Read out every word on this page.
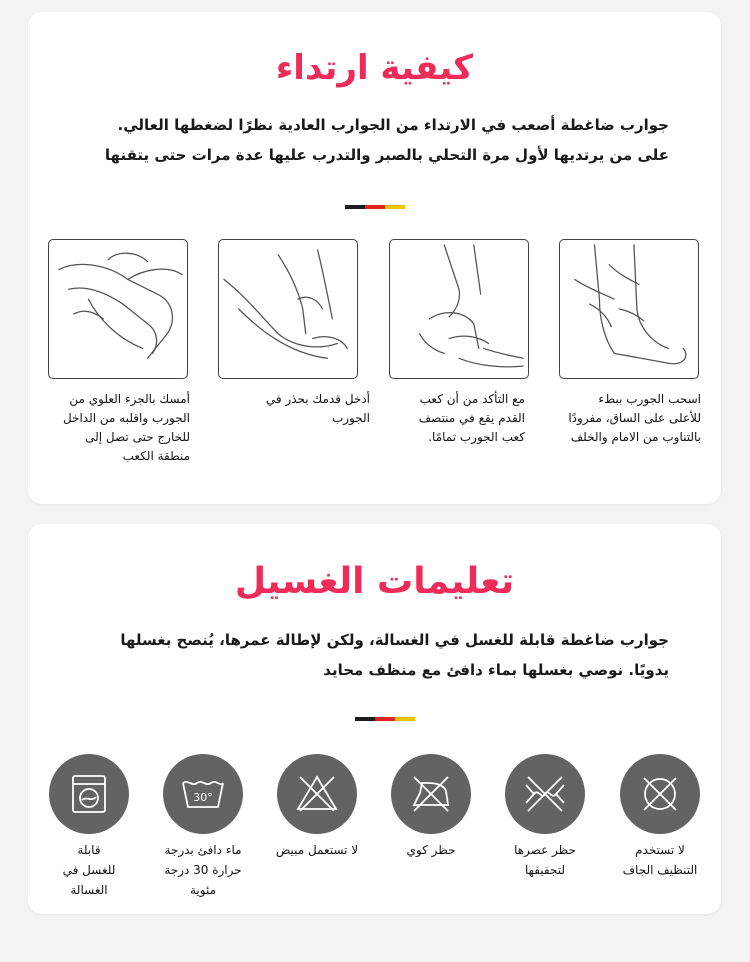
كيفية ارتداء
جوارب ضاغطة أصعب في الارتداء من الجوارب العادية نظرًا لضغطها العالي.
على من يرتديها لأول مرة التحلي بالصبر والتدرب عليها عدة مرات حتى يتقنها
أمسك بالجزء العلوي من
الجورب واقلبه من الداخل
للخارج حتى تصل إلى
منطقة الكعب
أدخل قدمك بحذر في
الجورب
مع التأكد من أن كعب
القدم يقع في منتصف
كعب الجورب تمامًا.
اسحب الجورب ببطء
للأعلى على الساق، مفرودًا
بالتناوب من الامام والخلف
تعليمات الغسيل
جوارب ضاغطة قابلة للغسل في الغسالة، ولكن لإطالة عمرها، يُنصح بغسلها
يدويًا. نوصي بغسلها بماء دافئ مع منظف محايد
30°
قابلة
للغسل في
الغسالة
ماء دافئ بدرجة
حرارة 30 درجة
مئوية
لا تستعمل مبيض	حظر كوي	حظر عصرها
لتجفيفها
لا تستخدم
التنظيف الجاف
